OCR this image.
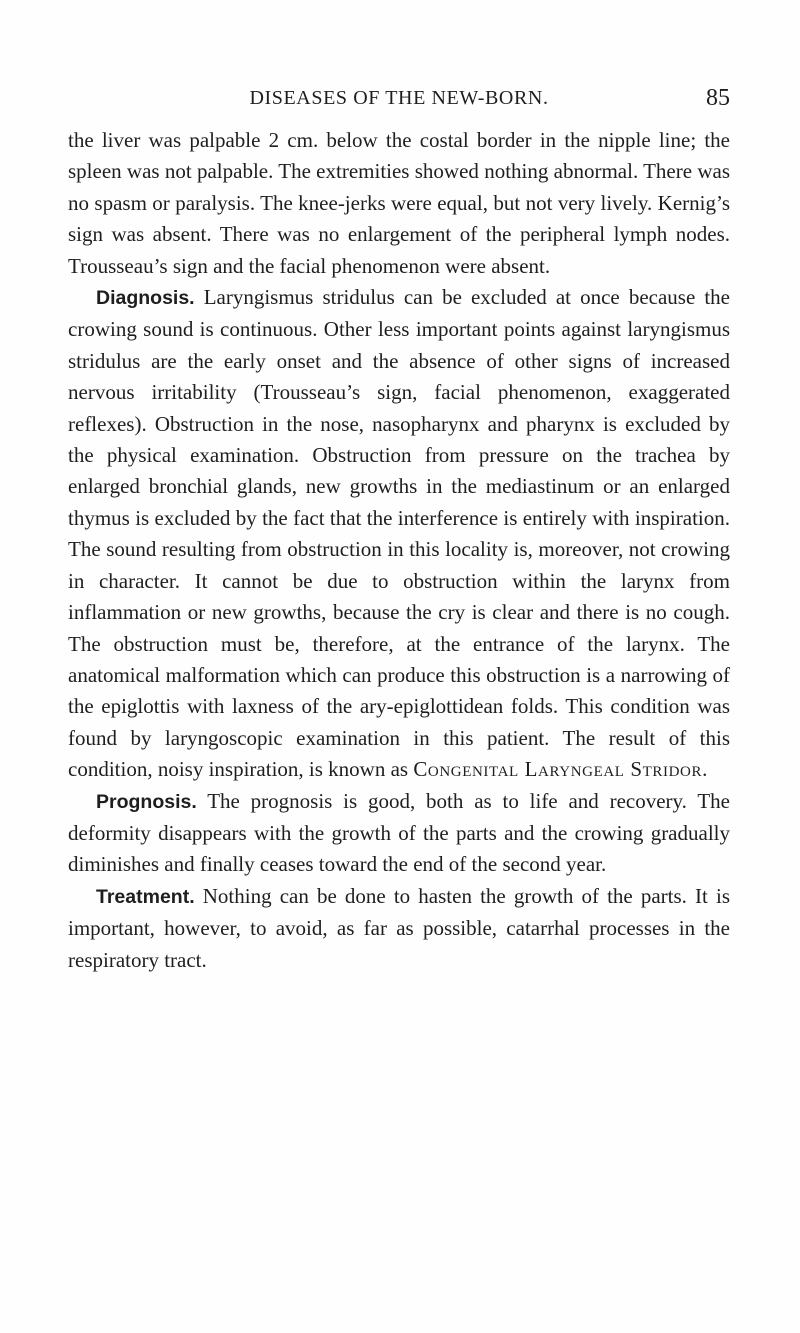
DISEASES OF THE NEW-BORN.	85

the liver was palpable 2 cm. below the costal border in the nipple line; the spleen was not palpable. The extremities showed nothing abnormal. There was no spasm or paralysis. The knee-jerks were equal, but not very lively. Kernig’s sign was absent. There was no enlargement of the peripheral lymph nodes. Trousseau’s sign and the facial phenomenon were absent.

Diagnosis. Laryngismus stridulus can be excluded at once because the crowing sound is continuous. Other less important points against laryngismus stridulus are the early onset and the absence of other signs of increased nervous irritability (Trousseau’s sign, facial phenomenon, exaggerated reflexes). Obstruction in the nose, nasopharynx and pharynx is excluded by the physical examination. Obstruction from pressure on the trachea by enlarged bronchial glands, new growths in the mediastinum or an enlarged thymus is excluded by the fact that the interference is entirely with inspiration. The sound resulting from obstruction in this locality is, moreover, not crowing in character. It cannot be due to obstruction within the larynx from inflammation or new growths, because the cry is clear and there is no cough. The obstruction must be, therefore, at the entrance of the larynx. The anatomical malformation which can produce this obstruction is a narrowing of the epiglottis with laxness of the ary-epiglottidean folds. This condition was found by laryngoscopic examination in this patient. The result of this condition, noisy inspiration, is known as Congenital Laryngeal Stridor.

Prognosis. The prognosis is good, both as to life and recovery. The deformity disappears with the growth of the parts and the crowing gradually diminishes and finally ceases toward the end of the second year.

Treatment. Nothing can be done to hasten the growth of the parts. It is important, however, to avoid, as far as possible, catarrhal processes in the respiratory tract.
